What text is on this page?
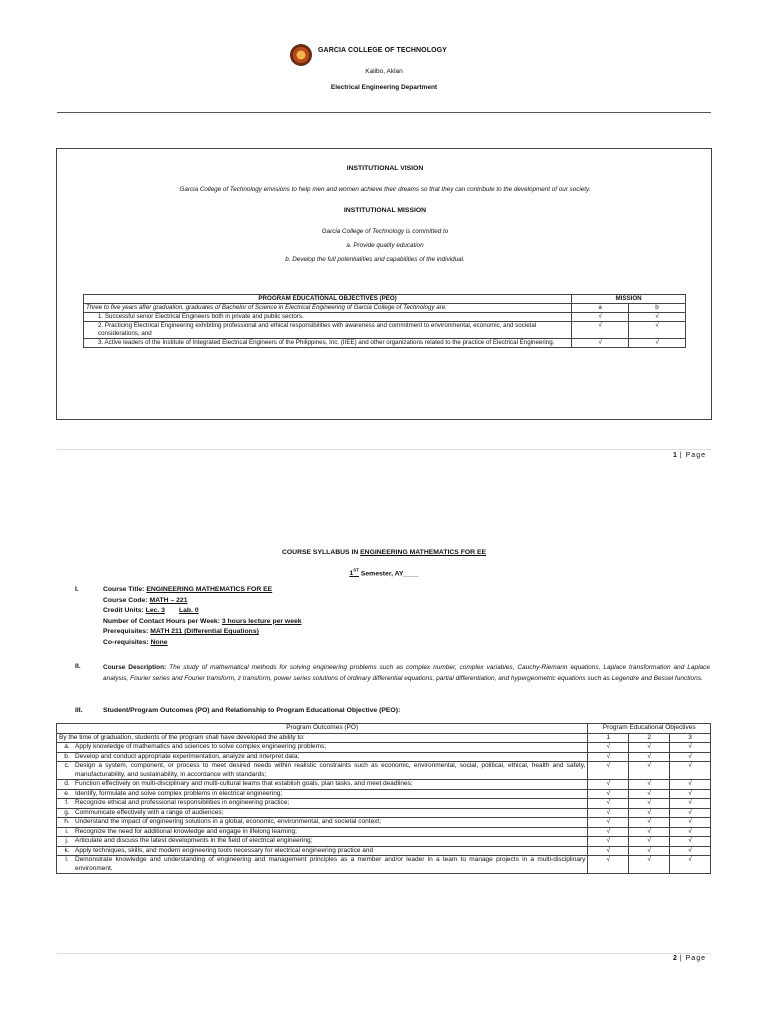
GARCIA COLLEGE OF TECHNOLOGY
Kalibo, Aklan
Electrical Engineering Department
INSTITUTIONAL VISION
Garcia College of Technology envisions to help men and women achieve their dreams so that they can contribute to the development of our society.
INSTITUTIONAL MISSION
Garcia College of Technology is committed to
a. Provide quality education
b. Develop the full potentialities and capabilities of the individual.
PROGRAM EDUCATIONAL OBJECTIVES (PEO)	MISSION	
Three to five years after graduation, graduates of Bachelor of Science in Electrical Engineering of Garcia College of Technology are:	a	b
1. Successful senior Electrical Engineers both in private and public sectors.	√	√
2. Practicing Electrical Engineering exhibiting professional and ethical responsibilities with awareness and commitment to environmental, economic, and societal considerations, and	√	√
3. Active leaders of the Institute of Integrated Electrical Engineers of the Philippines, Inc. (IIEE) and other organizations related to the practice of Electrical Engineering.	√	√
1 | Page
COURSE SYLLABUS IN ENGINEERING MATHEMATICS FOR EE
1ST Semester, AY____
I.	Course Title: ENGINEERING MATHEMATICS FOR EE
Course Code: MATH – 221
Credit Units: Lec. 3 Lab. 0
Number of Contact Hours per Week: 3 hours lecture per week
Prerequisites: MATH 211 (Differential Equations)
Co-requisites: None
II.	Course Description: The study of mathematical methods for solving engineering problems such as complex number, complex variables, Cauchy-Riemann equations, Laplace transformation and Laplace analysis, Fourier series and Fourier transform, z transform, power series solutions of ordinary differential equations, partial differentiation, and hypergeometric equations such as Legendre and Bessel functions.
III.	Student/Program Outcomes (PO) and Relationship to Program Educational Objective (PEO):
Program Outcomes (PO)	Program Educational Objectives		
By the time of graduation, students of the program shall have developed the ability to:	1	2	3
a. Apply knowledge of mathematics and sciences to solve complex engineering problems;	√	√	√
b. Develop and conduct appropriate experimentation, analyze and interpret data;	√	√	√
c. Design a system, component, or process to meet desired needs within realistic constraints such as economic, environmental, social, political, ethical, health and safety, manufacturability, and sustainability, in accordance with standards;	√	√	√
d. Function effectively on multi-disciplinary and multi-cultural teams that establish goals, plan tasks, and meet deadlines;	√	√	√
e. Identify, formulate and solve complex problems in electrical engineering;	√	√	√
f. Recognize ethical and professional responsibilities in engineering practice;	√	√	√
g. Communicate effectively with a range of audiences;	√	√	√
h. Understand the impact of engineering solutions in a global, economic, environmental, and societal context;	√	√	√
i. Recognize the need for additional knowledge and engage in lifelong learning;	√	√	√
j. Articulate and discuss the latest developments in the field of electrical engineering;	√	√	√
k. Apply techniques, skills, and modern engineering tools necessary for electrical engineering practice and	√	√	√
l. Demonstrate knowledge and understanding of engineering and management principles as a member and/or leader in a team to manage projects in a multi-disciplinary environment.	√	√	√
2 | Page
